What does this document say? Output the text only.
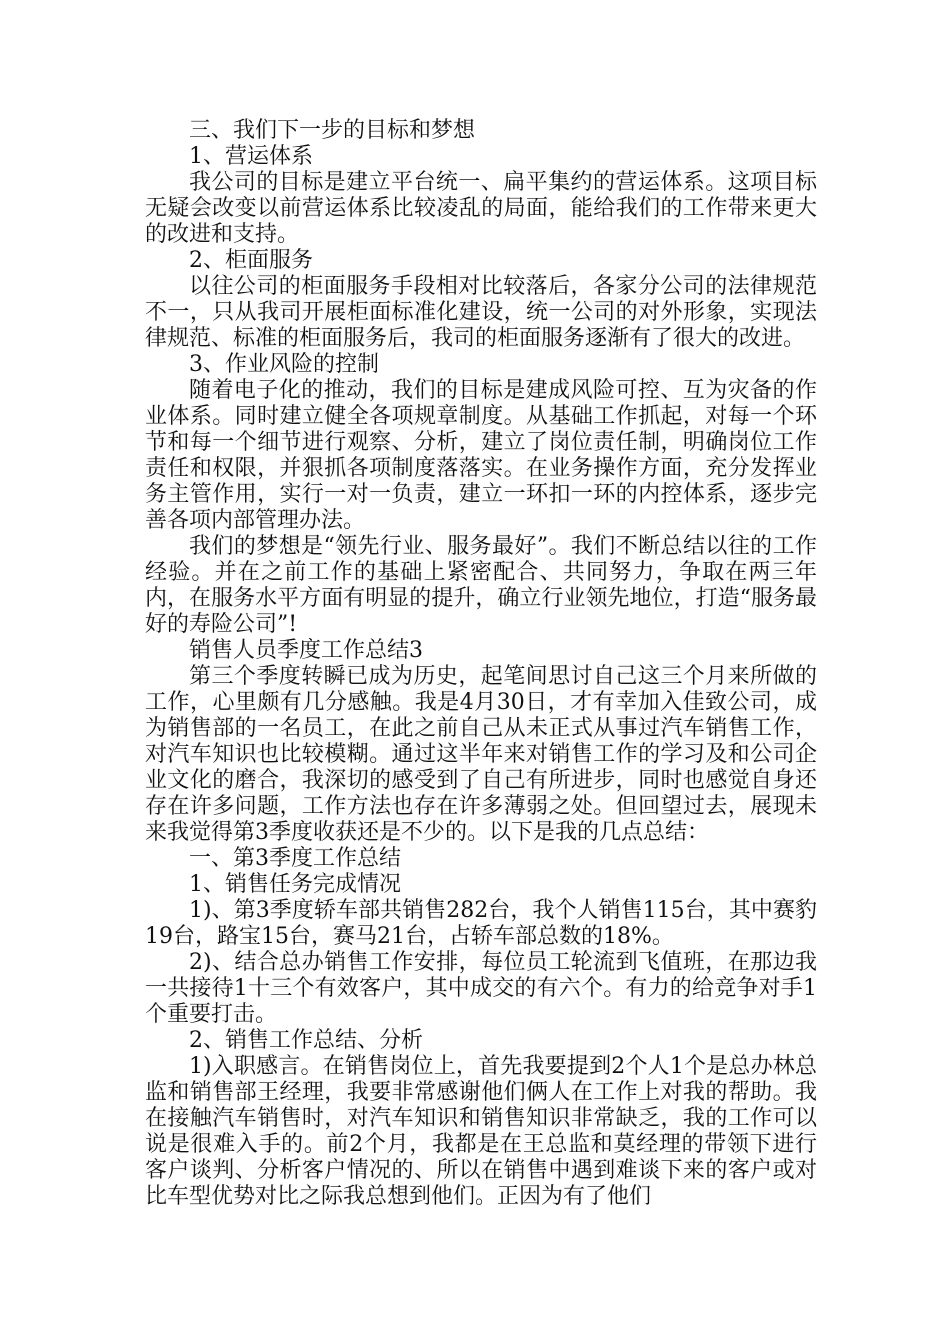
三、我们下一步的目标和梦想

1、营运体系

我公司的目标是建立平台统一、扁平集约的营运体系。这项目标无疑会改变以前营运体系比较凌乱的局面，能给我们的工作带来更大的改进和支持。

2、柜面服务

以往公司的柜面服务手段相对比较落后，各家分公司的法律规范不一，只从我司开展柜面标准化建设，统一公司的对外形象，实现法律规范、标准的柜面服务后，我司的柜面服务逐渐有了很大的改进。

3、作业风险的控制

随着电子化的推动，我们的目标是建成风险可控、互为灾备的作业体系。同时建立健全各项规章制度。从基础工作抓起，对每一个环节和每一个细节进行观察、分析，建立了岗位责任制，明确岗位工作责任和权限，并狠抓各项制度落落实。在业务操作方面，充分发挥业务主管作用，实行一对一负责，建立一环扣一环的内控体系，逐步完善各项内部管理办法。

我们的梦想是“领先行业、服务最好”。我们不断总结以往的工作经验。并在之前工作的基础上紧密配合、共同努力，争取在两三年内，在服务水平方面有明显的提升，确立行业领先地位，打造“服务最好的寿险公司”!

销售人员季度工作总结3

第三个季度转瞬已成为历史，起笔间思讨自己这三个月来所做的工作，心里颇有几分感触。我是4月30日，才有幸加入佳致公司，成为销售部的一名员工，在此之前自己从未正式从事过汽车销售工作，对汽车知识也比较模糊。通过这半年来对销售工作的学习及和公司企业文化的磨合，我深切的感受到了自己有所进步，同时也感觉自身还存在许多问题，工作方法也存在许多薄弱之处。但回望过去，展现未来我觉得第3季度收获还是不少的。以下是我的几点总结：

一、第3季度工作总结

1、销售任务完成情况

1)、第3季度轿车部共销售282台，我个人销售115台，其中赛豹19台，路宝15台，赛马21台，占轿车部总数的18%。

2)、结合总办销售工作安排，每位员工轮流到飞值班，在那边我一共接待1十三个有效客户，其中成交的有六个。有力的给竞争对手1个重要打击。

2、销售工作总结、分析

1)入职感言。在销售岗位上，首先我要提到2个人1个是总办林总监和销售部王经理，我要非常感谢他们俩人在工作上对我的帮助。我在接触汽车销售时，对汽车知识和销售知识非常缺乏，我的工作可以说是很难入手的。前2个月，我都是在王总监和莫经理的带领下进行客户谈判、分析客户情况的、所以在销售中遇到难谈下来的客户或对比车型优势对比之际我总想到他们。正因为有了他们
